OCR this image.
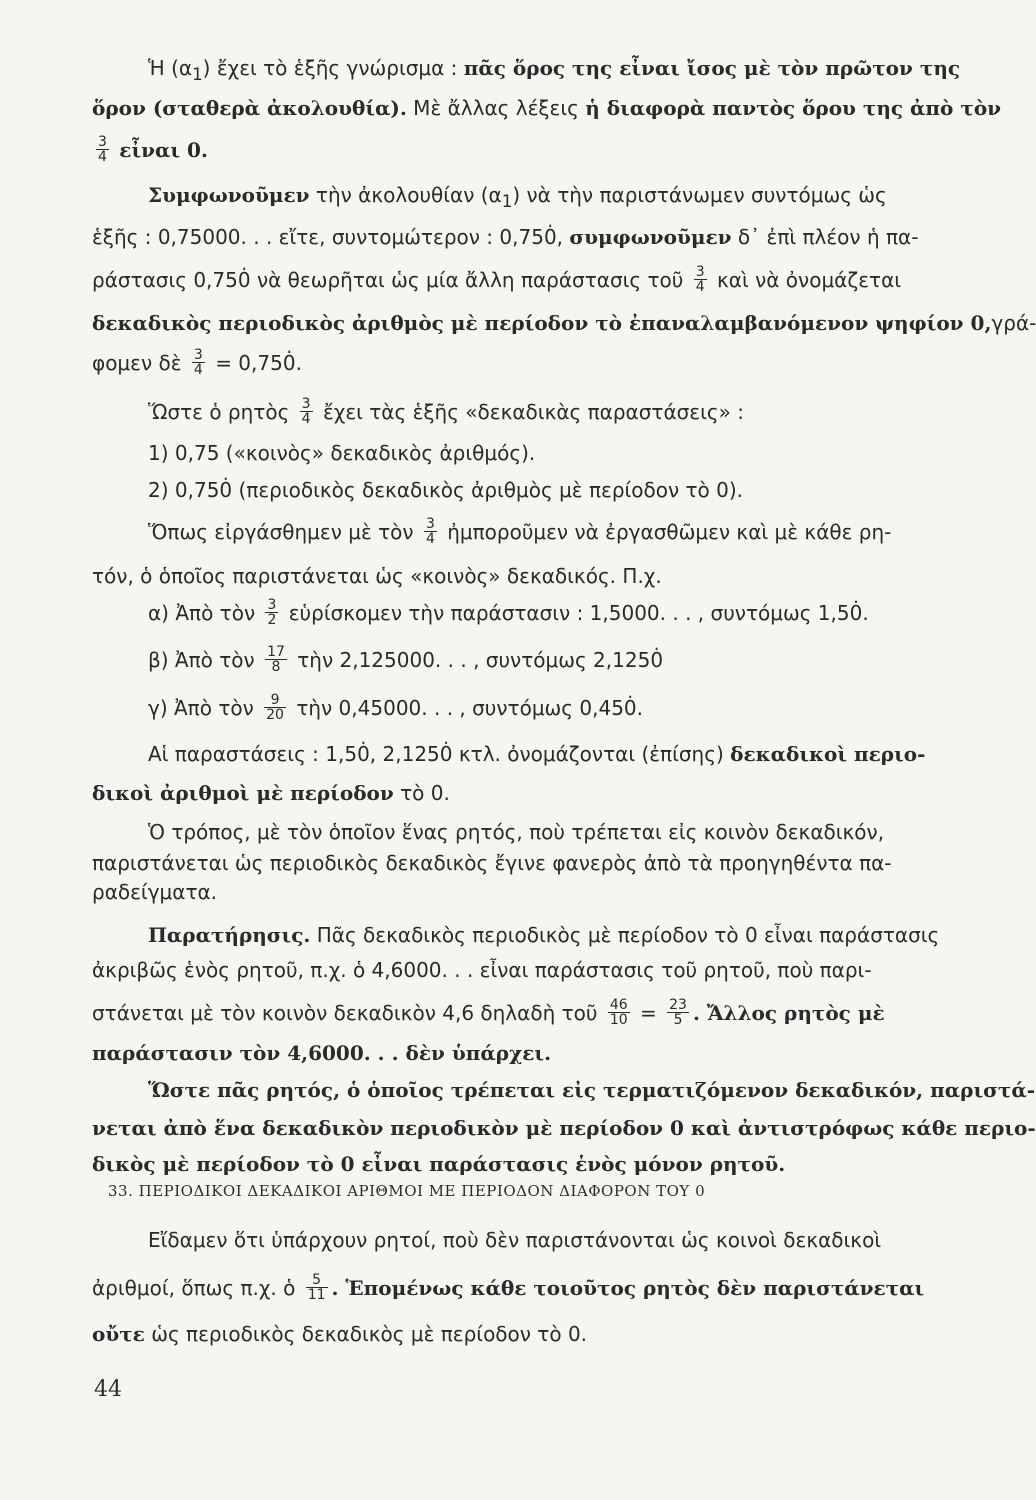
Ἡ $(\alpha_1)$ ἔχει τὸ ἑξῆς γνώρισμα : πᾶς ὅρος της εἶναι ἴσος μὲ τὸν πρῶτον της
ὅρον (σταθερὰ ἀκολουθία). Μὲ ἄλλας λέξεις ἡ διαφορὰ παντὸς ὅρου της ἀπὸ τὸν
$\frac{3}{4}$ εἶναι 0.
Συμφωνοῦμεν τὴν ἀκολουθίαν $(\alpha_1)$ νὰ τὴν παριστάνωμεν συντόμως ὡς
ἑξῆς : 0,75000. . . εἴτε, συντομώτερον : 0,750̇, συμφωνοῦμεν δ᾽ ἐπὶ πλέον ἡ πα-
ράστασις 0,750̇ νὰ θεωρῆται ὡς μία ἄλλη παράστασις τοῦ $\frac{3}{4}$ καὶ νὰ ὀνομάζεται
δεκαδικὸς περιοδικὸς ἀριθμὸς μὲ περίοδον τὸ ἐπαναλαμβανόμενον ψηφίον 0,γρά-
φομεν δὲ $\frac{3}{4}$ = 0,750̇.
Ὥστε ὁ ρητὸς $\frac{3}{4}$ ἔχει τὰς ἑξῆς «δεκαδικὰς παραστάσεις» :
1) 0,75 («κοινὸς» δεκαδικὸς ἀριθμός).
2) 0,750̇ (περιοδικὸς δεκαδικὸς ἀριθμὸς μὲ περίοδον τὸ 0).
Ὅπως εἰργάσθημεν μὲ τὸν $\frac{3}{4}$ ἠμποροῦμεν νὰ ἐργασθῶμεν καὶ μὲ κάθε ρη-
τόν, ὁ ὁποῖος παριστάνεται ὡς «κοινὸς» δεκαδικός. Π.χ.
α) Ἀπὸ τὸν $\frac{3}{2}$ εὑρίσκομεν τὴν παράστασιν : 1,5000. . . , συντόμως 1,50̇.
β) Ἀπὸ τὸν $\frac{17}{8}$ τὴν 2,125000. . . , συντόμως 2,1250̇
γ) Ἀπὸ τὸν $\frac{9}{20}$ τὴν 0,45000. . . , συντόμως 0,450̇.
Αἱ παραστάσεις : 1,50̇, 2,1250̇ κτλ. ὀνομάζονται (ἐπίσης) δεκαδικοὶ περιο-
δικοὶ ἀριθμοὶ μὲ περίοδον τὸ 0.
Ὁ τρόπος, μὲ τὸν ὁποῖον ἕνας ρητός, ποὺ τρέπεται εἰς κοινὸν δεκαδικόν,
παριστάνεται ὡς περιοδικὸς δεκαδικὸς ἔγινε φανερὸς ἀπὸ τὰ προηγηθέντα πα-
ραδείγματα.
Παρατήρησις. Πᾶς δεκαδικὸς περιοδικὸς μὲ περίοδον τὸ 0 εἶναι παράστασις
ἀκριβῶς ἑνὸς ρητοῦ, π.χ. ὁ 4,6000. . . εἶναι παράστασις τοῦ ρητοῦ, ποὺ παρι-
στάνεται μὲ τὸν κοινὸν δεκαδικὸν 4,6 δηλαδὴ τοῦ $\frac{46}{10} = \frac{23}{5}$ . Ἄλλος ρητὸς μὲ
παράστασιν τὸν 4,6000. . . δὲν ὑπάρχει.
Ὥστε πᾶς ρητός, ὁ ὁποῖος τρέπεται εἰς τερματιζόμενον δεκαδικόν, παριστά-
νεται ἀπὸ ἕνα δεκαδικὸν περιοδικὸν μὲ περίοδον 0 καὶ ἀντιστρόφως κάθε περιο-
δικὸς μὲ περίοδον τὸ 0 εἶναι παράστασις ἑνὸς μόνον ρητοῦ.
33. ΠΕΡΙΟΔΙΚΟΙ ΔΕΚΑΔΙΚΟΙ ΑΡΙΘΜΟΙ ΜΕ ΠΕΡΙΟΔΟΝ ΔΙΑΦΟΡΟΝ ΤΟΥ 0
Εἴδαμεν ὅτι ὑπάρχουν ρητοί, ποὺ δὲν παριστάνονται ὡς κοινοὶ δεκαδικοὶ
ἀριθμοί, ὅπως π.χ. ὁ $\frac{5}{11}$ . Ἑπομένως κάθε τοιοῦτος ρητὸς δὲν παριστάνεται
οὔτε ὡς περιοδικὸς δεκαδικὸς μὲ περίοδον τὸ 0.
44
